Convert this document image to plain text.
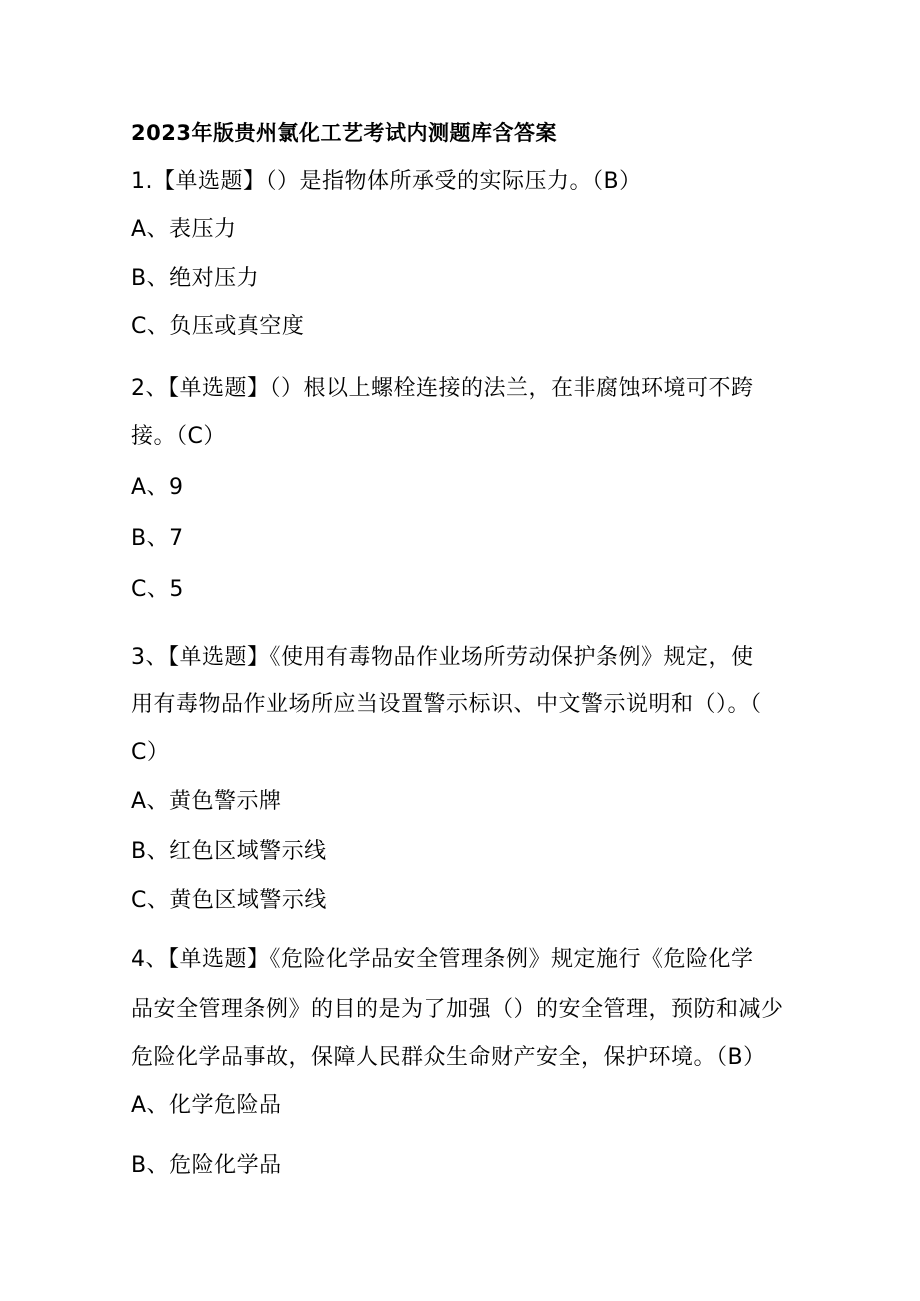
2023年版贵州氯化工艺考试内测题库含答案
1.【单选题】（）是指物体所承受的实际压力。（B）
A、表压力
B、绝对压力
C、负压或真空度
2、【单选题】（）根以上螺栓连接的法兰，在非腐蚀环境可不跨
接。（C）
A、9
B、7
C、5
3、【单选题】《使用有毒物品作业场所劳动保护条例》规定，使
用有毒物品作业场所应当设置警示标识、中文警示说明和（）。（
C）
A、黄色警示牌
B、红色区域警示线
C、黄色区域警示线
4、【单选题】《危险化学品安全管理条例》规定施行《危险化学
品安全管理条例》的目的是为了加强（）的安全管理，预防和减少
危险化学品事故，保障人民群众生命财产安全，保护环境。（B）
A、化学危险品
B、危险化学品
